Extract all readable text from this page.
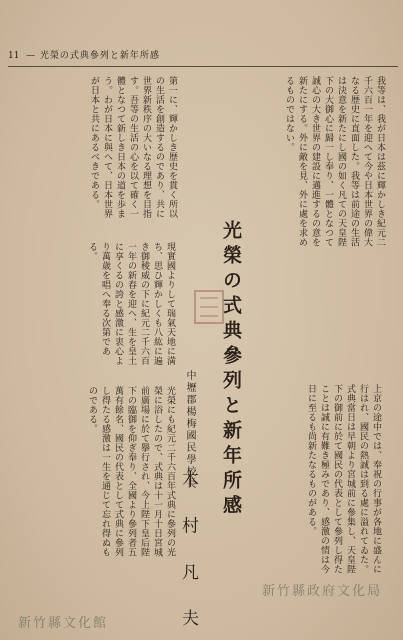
11 — 光榮の式典參列と新年所感
我等は、我が日本は茲に輝かしき紀元二千六百一年を迎へて今や日本世界の偉大なる歴史に直面した。我等は前途の生活は決意を新たにし國の如く凡ての天皇陛下の大御心に歸一し奉り、一體となつて誠心の大き世界の建設に邁進するの意を新たにする。外に敵を見、外に處を求めるものではない。
第一に、輝かしき歴史を貫く所以の生活を創造するのであり、共に世界新秩序の大いなる理想を目指す。吾等の生活の心を以て確く一體となつて新しき日本の道を歩まう。わが日本に與へて、日本世界が日本と共にあるべきである。
現實國よりして瑞氣天地に満ち、思ひ輝かしくも八紘に遍き御稜威の下に紀元二千六百一年の新春を迎へ、生を皇土に享くるの誇と感激に衷心より萬歳を唱へ奉る次第である。
光榮にも紀元二千六百年式典に參列の光榮に浴したので、式典は十一月十日宮城前廣場に於て擧行され、今上陛下皇后陛下の臨御を仰ぎ奉り、全國より參列者五萬有餘名、國民の代表として式典に參列し得たる感激は一生を通じて忘れ得ぬものである。	上京の途中では、奉祝の行事が各地に盛んに行はれ、國民の熱誠は到る處に溢れてゐた。式典當日は早朝より宮城前に參集し、天皇陛下の御前に於て國民の代表として參列し得たことは誠に有難き極みであり、感激の情は今日に至るも尚新たなるものがある。
光榮の式典參列と新年所感
中壢郡楊梅國民學校長
木 村 凡 夫	新竹縣政府文化局
新竹縣文化館
